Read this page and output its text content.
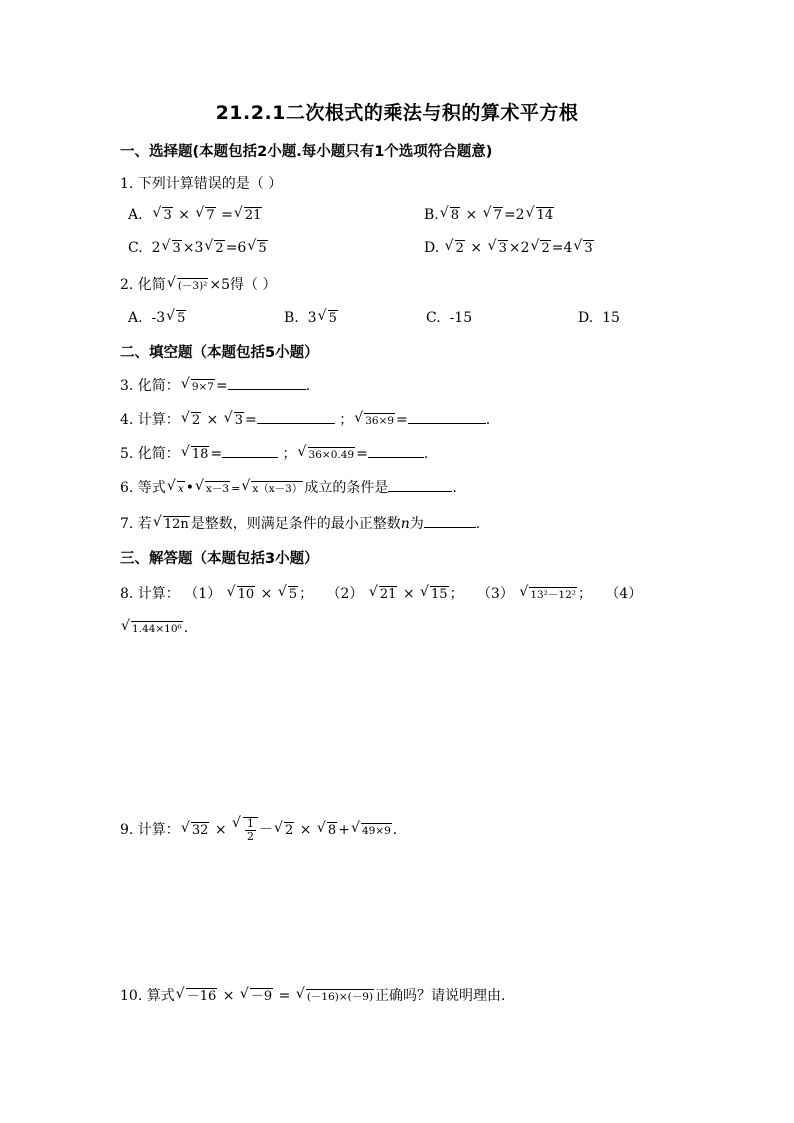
21.2.1二次根式的乘法与积的算术平方根
一、选择题(本题包括2小题.每小题只有1个选项符合题意)
1. 下列计算错误的是（ ）
A. √ 3 × √ 7 = √ 21	B. √ 8 × √ 7 =2 √ 14
C. 2 √ 3 ×3 √ 2 =6 √ 5	D. √ 2 × √ 3 ×2 √ 2 =4 √ 3
2. 化简 √ (－3)² ×5得（ ）
A. -3 √ 5	B. 3 √ 5	C. -15	D. 15
二、填空题（本题包括5小题）
3. 化简： √ 9×7 =	.
4. 计算： √ 2 × √ 3 =	； √ 36×9 =	.
5. 化简： √ 18 =	； √ 36×0.49 =	.
6. 等式 √ x • √ x－3 = √ x（x－3） 成立的条件是	.
7. 若 √ 12n 是整数，则满足条件的最小正整数n为	.
三、解答题（本题包括3小题）
8. 计算： （1） √ 10 × √ 5 ； （2） √ 21 × √ 15 ； （3） √ 13²－12² ； （4）
√ 1.44×10⁶ .
9. 计算： √ 32 × √ $\frac{1}{2}$ － √ 2 × √ 8 + √ 49×9 .
10. 算式 √ －16 × √ －9 = √ (－16)×(－9) 正确吗？请说明理由.
